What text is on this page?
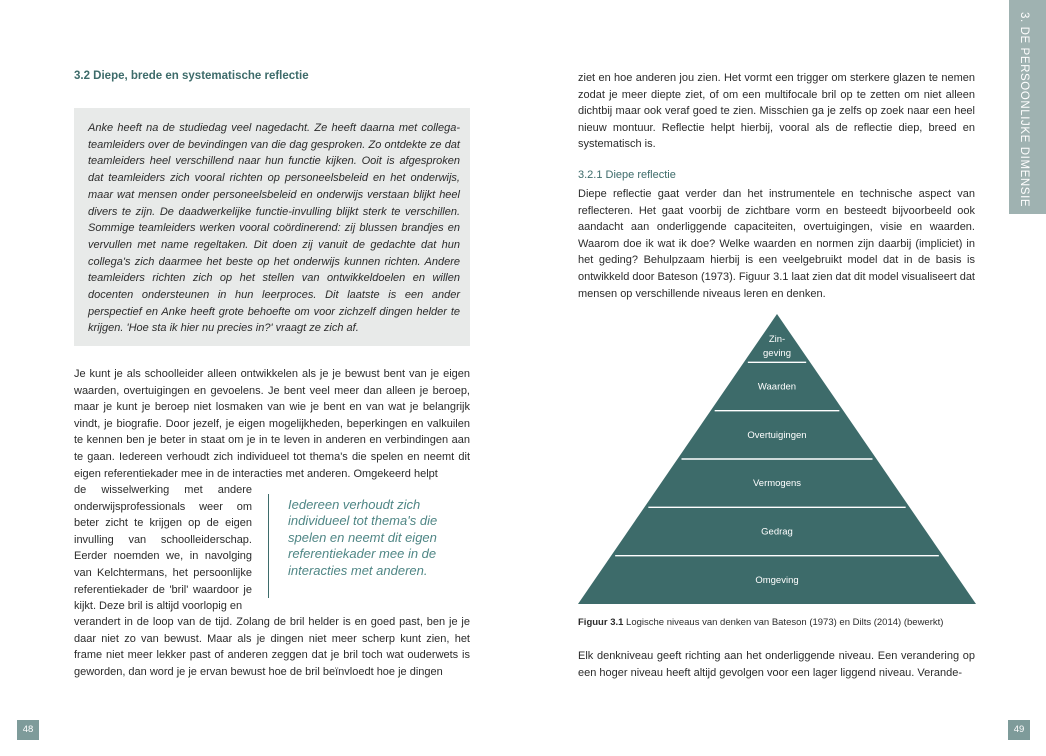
3.2 Diepe, brede en systematische reflectie

Anke heeft na de studiedag veel nagedacht. Ze heeft daarna met collega-teamleiders over de bevindingen van die dag gesproken. Zo ontdekte ze dat teamleiders heel verschillend naar hun functie kijken. Ooit is afgesproken dat teamleiders zich vooral richten op personeelsbeleid en het onderwijs, maar wat mensen onder personeelsbeleid en onderwijs verstaan blijkt heel divers te zijn. De daadwerkelijke functie-invulling blijkt sterk te verschillen. Sommige teamleiders werken vooral coördinerend: zij blussen brandjes en vervullen met name regeltaken. Dit doen zij vanuit de gedachte dat hun collega's zich daarmee het beste op het onderwijs kunnen richten. Andere teamleiders richten zich op het stellen van ontwikkeldoelen en willen docenten ondersteunen in hun leerproces. Dit laatste is een ander perspectief en Anke heeft grote behoefte om voor zichzelf dingen helder te krijgen. 'Hoe sta ik hier nu precies in?' vraagt ze zich af.

Je kunt je als schoolleider alleen ontwikkelen als je je bewust bent van je eigen waarden, overtuigingen en gevoelens. Je bent veel meer dan alleen je beroep, maar je kunt je beroep niet losmaken van wie je bent en van wat je belangrijk vindt, je biografie. Door jezelf, je eigen mogelijkheden, beperkingen en valkuilen te kennen ben je beter in staat om je in te leven in anderen en verbindingen aan te gaan. Iedereen verhoudt zich individueel tot thema's die spelen en neemt dit eigen referentiekader mee in de interacties met anderen. Omgekeerd helpt

de wisselwerking met andere onderwijsprofessionals weer om beter zicht te krijgen op de eigen invulling van schoolleiderschap. Eerder noemden we, in navolging van Kelchtermans, het persoonlijke referentiekader de 'bril' waardoor je kijkt. Deze bril is altijd voorlopig en

Iedereen verhoudt zich individueel tot thema's die spelen en neemt dit eigen referentiekader mee in de interacties met anderen.

verandert in de loop van de tijd. Zolang de bril helder is en goed past, ben je je daar niet zo van bewust. Maar als je dingen niet meer scherp kunt zien, het frame niet meer lekker past of anderen zeggen dat je bril toch wat ouderwets is geworden, dan word je je ervan bewust hoe de bril beïnvloedt hoe je dingen

48
3. DE PERSOONLIJKE DIMENSIE

ziet en hoe anderen jou zien. Het vormt een trigger om sterkere glazen te nemen zodat je meer diepte ziet, of om een multifocale bril op te zetten om niet alleen dichtbij maar ook veraf goed te zien. Misschien ga je zelfs op zoek naar een heel nieuw montuur. Reflectie helpt hierbij, vooral als de reflectie diep, breed en systematisch is.

3.2.1 Diepe reflectie

Diepe reflectie gaat verder dan het instrumentele en technische aspect van reflecteren. Het gaat voorbij de zichtbare vorm en besteedt bijvoorbeeld ook aandacht aan onderliggende capaciteiten, overtuigingen, visie en waarden. Waarom doe ik wat ik doe? Welke waarden en normen zijn daarbij (impliciet) in het geding? Behulpzaam hierbij is een veelgebruikt model dat in de basis is ontwikkeld door Bateson (1973). Figuur 3.1 laat zien dat dit model visualiseert dat mensen op verschillende niveaus leren en denken.

Zin-geving
Waarden
Overtuigingen
Vermogens
Gedrag
Omgeving
Figuur 3.1 Logische niveaus van denken van Bateson (1973) en Dilts (2014) (bewerkt)

Elk denkniveau geeft richting aan het onderliggende niveau. Een verandering op een hoger niveau heeft altijd gevolgen voor een lager liggend niveau. Verande-

49
